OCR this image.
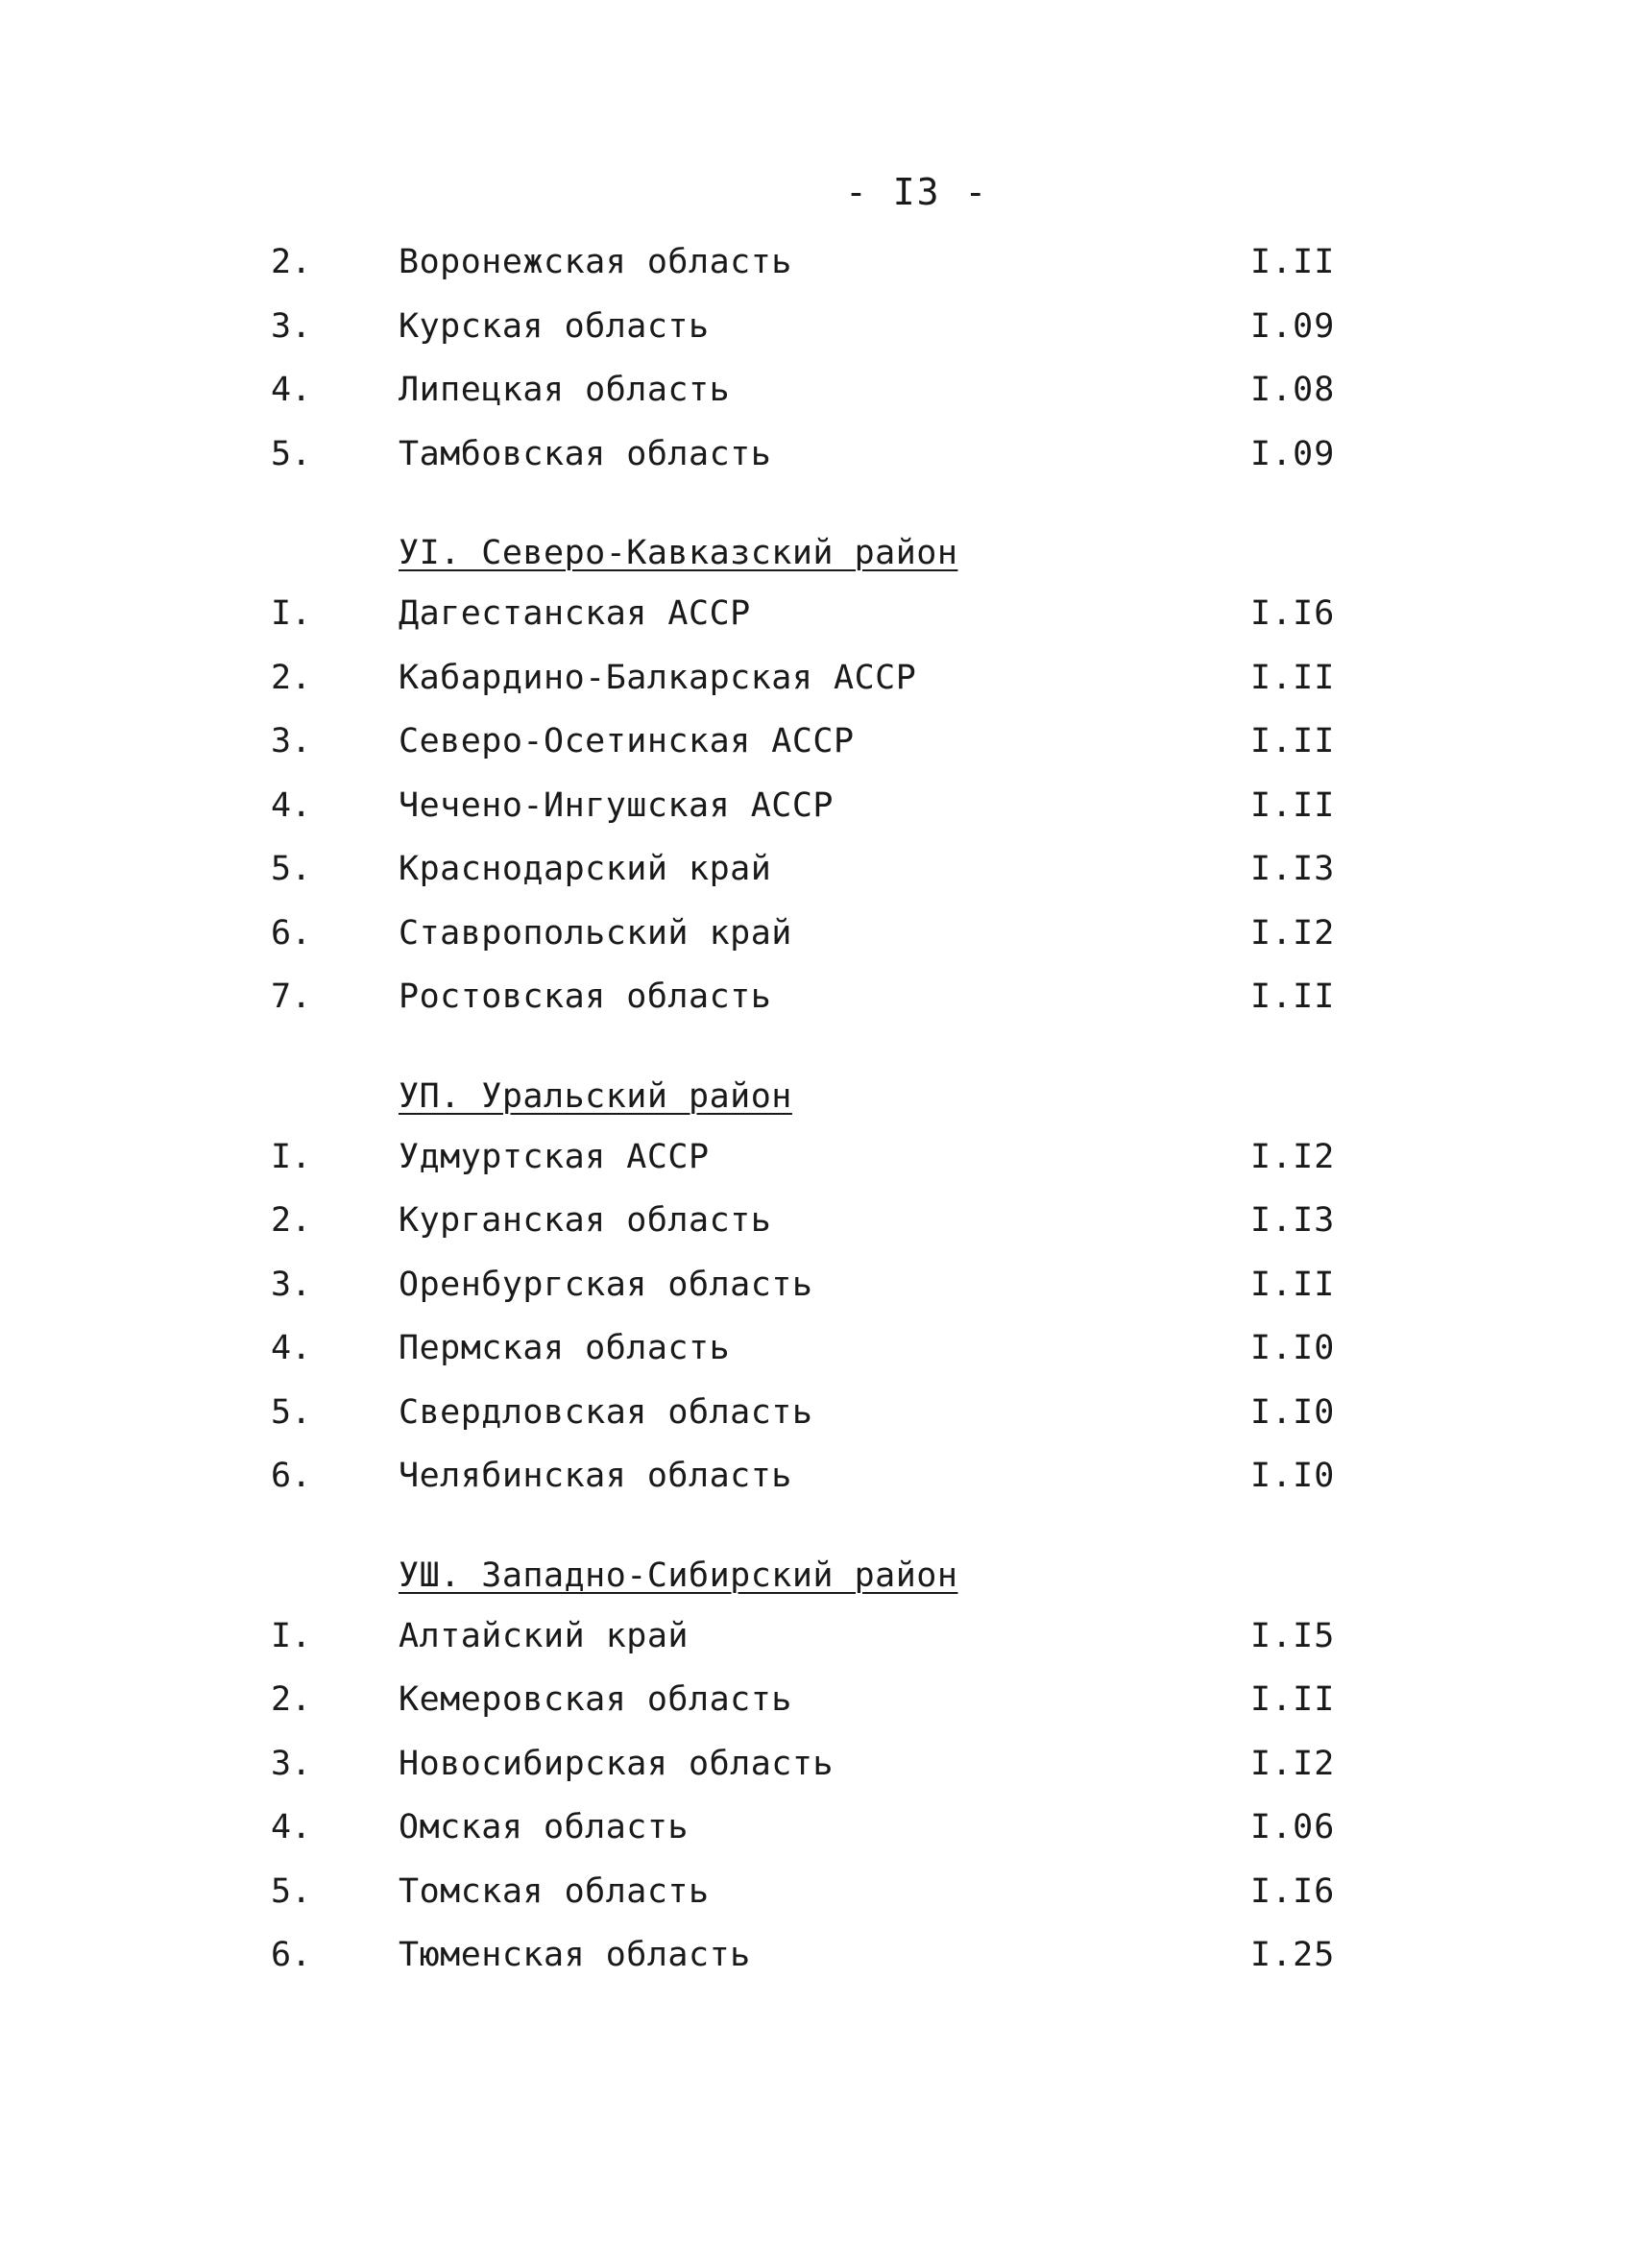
- I3 -
2.	Воронежская область	I.II
3.	Курская область	I.09
4.	Липецкая область	I.08
5.	Тамбовская область	I.09
УI. Северо-Кавказский район
I.	Дагестанская АССР	I.I6
2.	Кабардино-Балкарская АССР	I.II
3.	Северо-Осетинская АССР	I.II
4.	Чечено-Ингушская АССР	I.II
5.	Краснодарский край	I.I3
6.	Ставропольский край	I.I2
7.	Ростовская область	I.II
УП. Уральский район
I.	Удмуртская АССР	I.I2
2.	Курганская область	I.I3
3.	Оренбургская область	I.II
4.	Пермская область	I.I0
5.	Свердловская область	I.I0
6.	Челябинская область	I.I0
УШ. Западно-Сибирский район
I.	Алтайский край	I.I5
2.	Кемеровская область	I.II
3.	Новосибирская область	I.I2
4.	Омская область	I.06
5.	Томская область	I.I6
6.	Тюменская область	I.25
